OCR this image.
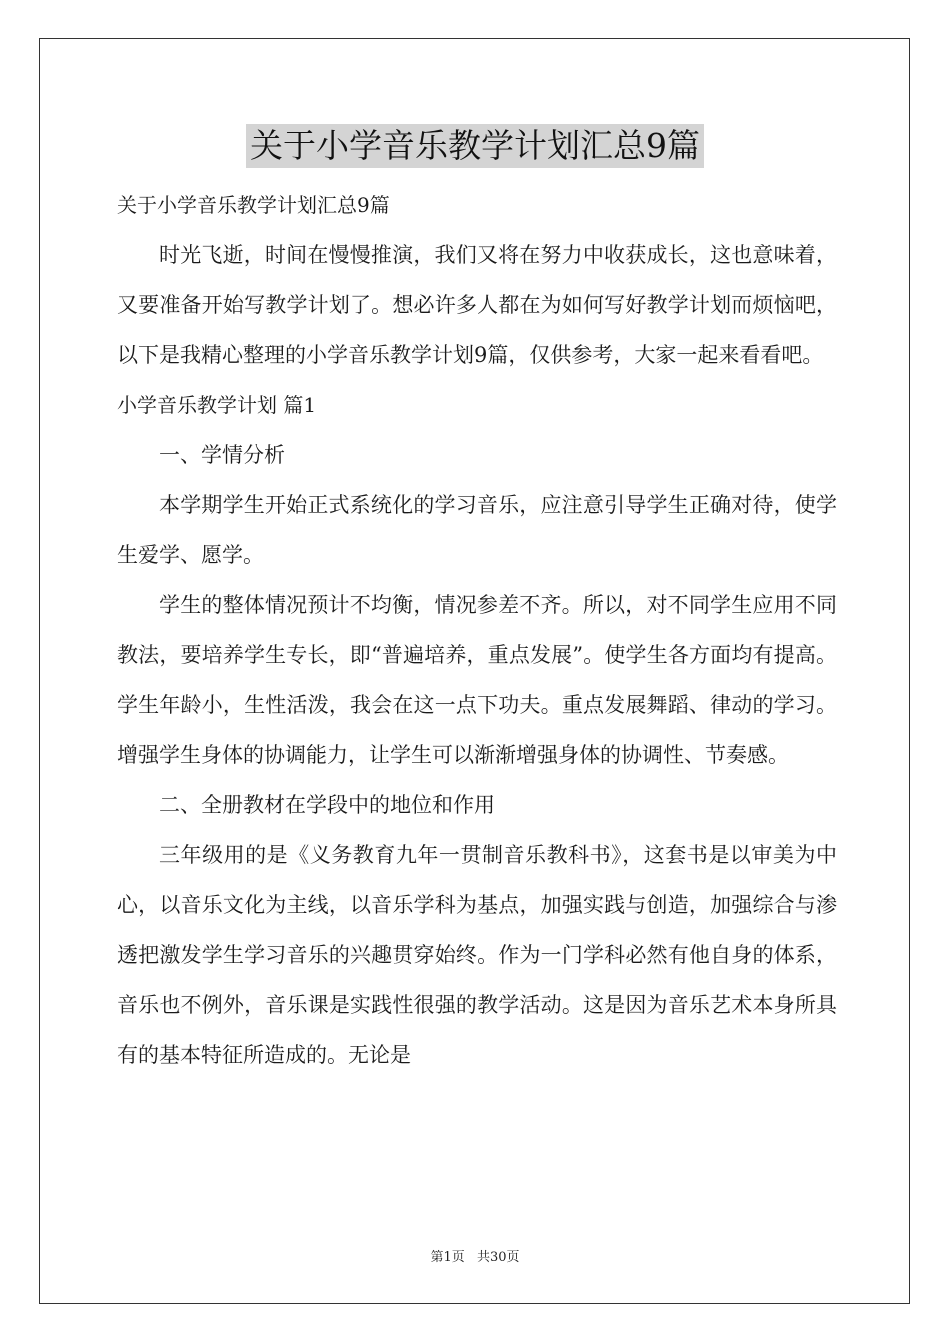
关于小学音乐教学计划汇总9篇

关于小学音乐教学计划汇总9篇

时光飞逝，时间在慢慢推演，我们又将在努力中收获成长，这也意味着，又要准备开始写教学计划了。想必许多人都在为如何写好教学计划而烦恼吧，以下是我精心整理的小学音乐教学计划9篇，仅供参考，大家一起来看看吧。

小学音乐教学计划 篇1

一、学情分析

本学期学生开始正式系统化的学习音乐，应注意引导学生正确对待，使学生爱学、愿学。

学生的整体情况预计不均衡，情况参差不齐。所以，对不同学生应用不同教法，要培养学生专长，即“普遍培养，重点发展”。使学生各方面均有提高。学生年龄小，生性活泼，我会在这一点下功夫。重点发展舞蹈、律动的学习。增强学生身体的协调能力，让学生可以渐渐增强身体的协调性、节奏感。

二、全册教材在学段中的地位和作用

三年级用的是《义务教育九年一贯制音乐教科书》，这套书是以审美为中心，以音乐文化为主线，以音乐学科为基点，加强实践与创造，加强综合与渗透把激发学生学习音乐的兴趣贯穿始终。作为一门学科必然有他自身的体系，音乐也不例外，音乐课是实践性很强的教学活动。这是因为音乐艺术本身所具有的基本特征所造成的。无论是

第1页 共30页
